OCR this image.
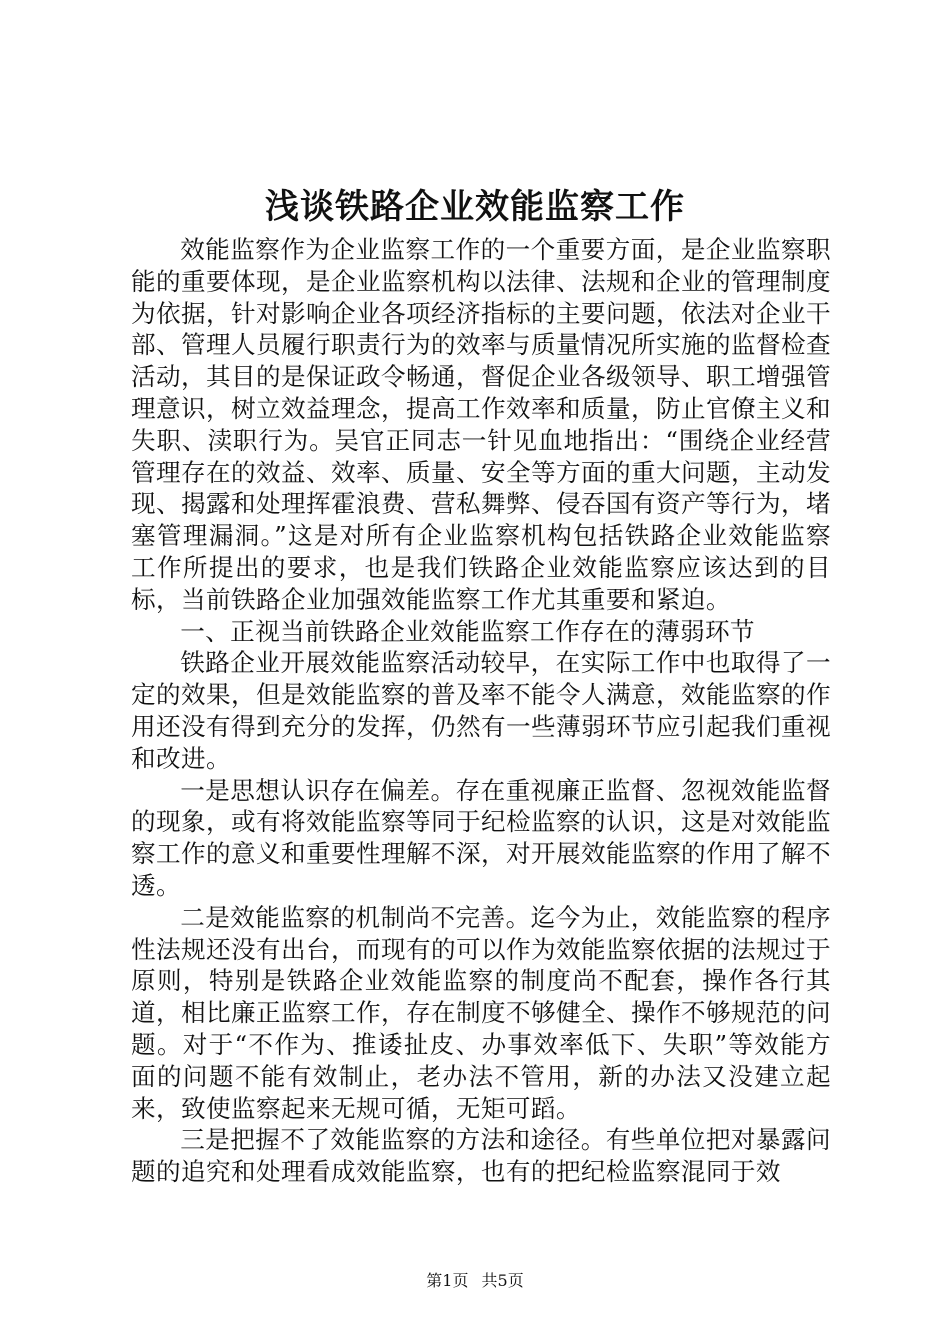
浅谈铁路企业效能监察工作

效能监察作为企业监察工作的一个重要方面，是企业监察职能的重要体现，是企业监察机构以法律、法规和企业的管理制度为依据，针对影响企业各项经济指标的主要问题，依法对企业干部、管理人员履行职责行为的效率与质量情况所实施的监督检查活动，其目的是保证政令畅通，督促企业各级领导、职工增强管理意识，树立效益理念，提高工作效率和质量，防止官僚主义和失职、渎职行为。吴官正同志一针见血地指出：“围绕企业经营管理存在的效益、效率、质量、安全等方面的重大问题，主动发现、揭露和处理挥霍浪费、营私舞弊、侵吞国有资产等行为，堵塞管理漏洞。”这是对所有企业监察机构包括铁路企业效能监察工作所提出的要求，也是我们铁路企业效能监察应该达到的目标，当前铁路企业加强效能监察工作尤其重要和紧迫。

一、正视当前铁路企业效能监察工作存在的薄弱环节

铁路企业开展效能监察活动较早，在实际工作中也取得了一定的效果，但是效能监察的普及率不能令人满意，效能监察的作用还没有得到充分的发挥，仍然有一些薄弱环节应引起我们重视和改进。

一是思想认识存在偏差。存在重视廉正监督、忽视效能监督的现象，或有将效能监察等同于纪检监察的认识，这是对效能监察工作的意义和重要性理解不深，对开展效能监察的作用了解不透。

二是效能监察的机制尚不完善。迄今为止，效能监察的程序性法规还没有出台，而现有的可以作为效能监察依据的法规过于原则，特别是铁路企业效能监察的制度尚不配套，操作各行其道，相比廉正监察工作，存在制度不够健全、操作不够规范的问题。对于“不作为、推诿扯皮、办事效率低下、失职”等效能方面的问题不能有效制止，老办法不管用，新的办法又没建立起来，致使监察起来无规可循，无矩可蹈。

三是把握不了效能监察的方法和途径。有些单位把对暴露问题的追究和处理看成效能监察，也有的把纪检监察混同于效

第1页 共5页
